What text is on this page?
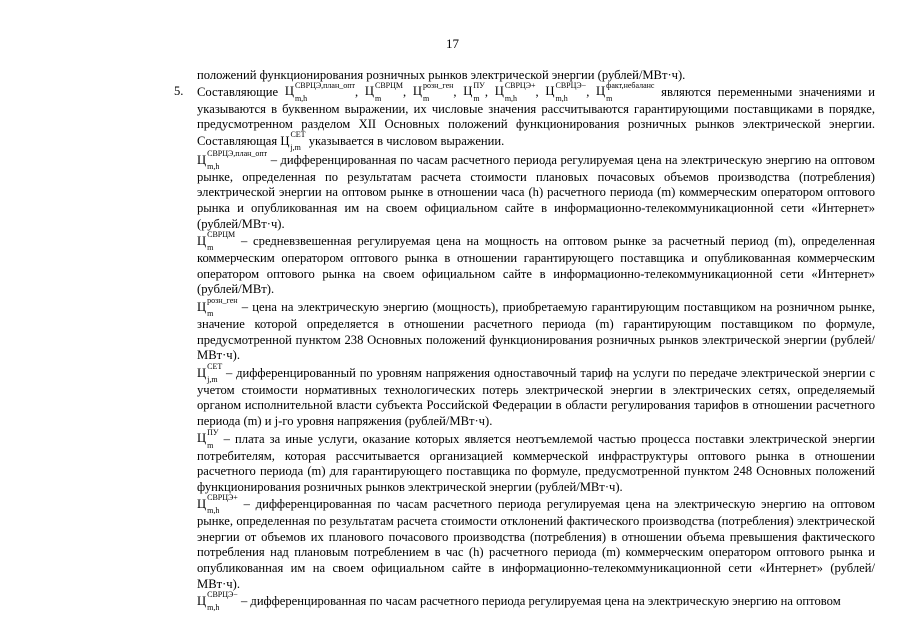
17

положений функционирования розничных рынков электрической энергии (рублей/МВт·ч).

5. Составляющие Ц СВРЦЭ,план_опт
m,h	, Ц СВРЦМ
m	, Ц розн_ген
m	, Ц ПУ
m , Ц СВРЦЭ+
m,h	, Ц СВРЦЭ−
m,h	, Ц факт,небаланс
m	являются переменными значениями и указываются в буквенном выражении, их числовые значения рассчитываются гарантирующими поставщиками в порядке, предусмотренном разделом XII Основных положений функционирования розничных рынков электрической энергии. Составляющая Ц СЕТ
j,m указывается в числовом выражении.

Ц СВРЦЭ,план_опт
m,h	– дифференцированная по часам расчетного периода регулируемая цена на электрическую энергию на оптовом рынке, определенная по результатам расчета стоимости плановых почасовых объемов производства (потребления) электрической энергии на оптовом рынке в отношении часа (h) расчетного периода (m) коммерческим оператором оптового рынка и опубликованная им на своем официальном сайте в информационно-телекоммуникационной сети «Интернет» (рублей/МВт·ч).

Ц СВРЦМ
m	– средневзвешенная регулируемая цена на мощность на оптовом рынке за расчетный период (m), определенная коммерческим оператором оптового рынка в отношении гарантирующего поставщика и опубликованная коммерческим оператором оптового рынка на своем официальном сайте в информационно-телекоммуникационной сети «Интернет» (рублей/МВт).

Ц розн_ген
m	– цена на электрическую энергию (мощность), приобретаемую гарантирующим поставщиком на розничном рынке, значение которой определяется в отношении расчетного периода (m) гарантирующим поставщиком по формуле, предусмотренной пунктом 238 Основных положений функционирования розничных рынков электрической энергии (рублей/МВт·ч).

Ц СЕТ
j,m – дифференцированный по уровням напряжения одноставочный тариф на услуги по передаче электрической энергии с учетом стоимости нормативных технологических потерь электрической энергии в электрических сетях, определяемый органом исполнительной власти субъекта Российской Федерации в области регулирования тарифов в отношении расчетного периода (m) и j-го уровня напряжения (рублей/МВт·ч).

Ц ПУ
m – плата за иные услуги, оказание которых является неотъемлемой частью процесса поставки электрической энергии потребителям, которая рассчитывается организацией коммерческой инфраструктуры оптового рынка в отношении расчетного периода (m) для гарантирующего поставщика по формуле, предусмотренной пунктом 248 Основных положений функционирования розничных рынков электрической энергии (рублей/МВт·ч).

Ц СВРЦЭ+
m,h	– дифференцированная по часам расчетного периода регулируемая цена на электрическую энергию на оптовом рынке, определенная по результатам расчета стоимости отклонений фактического производства (потребления) электрической энергии от объемов их планового почасового производства (потребления) в отношении объема превышения фактического потребления над плановым потреблением в час (h) расчетного периода (m) коммерческим оператором оптового рынка и опубликованная им на своем официальном сайте в информационно-телекоммуникационной сети «Интернет» (рублей/МВт·ч).

Ц СВРЦЭ−
m,h	– дифференцированная по часам расчетного периода регулируемая цена на электрическую энергию на оптовом
